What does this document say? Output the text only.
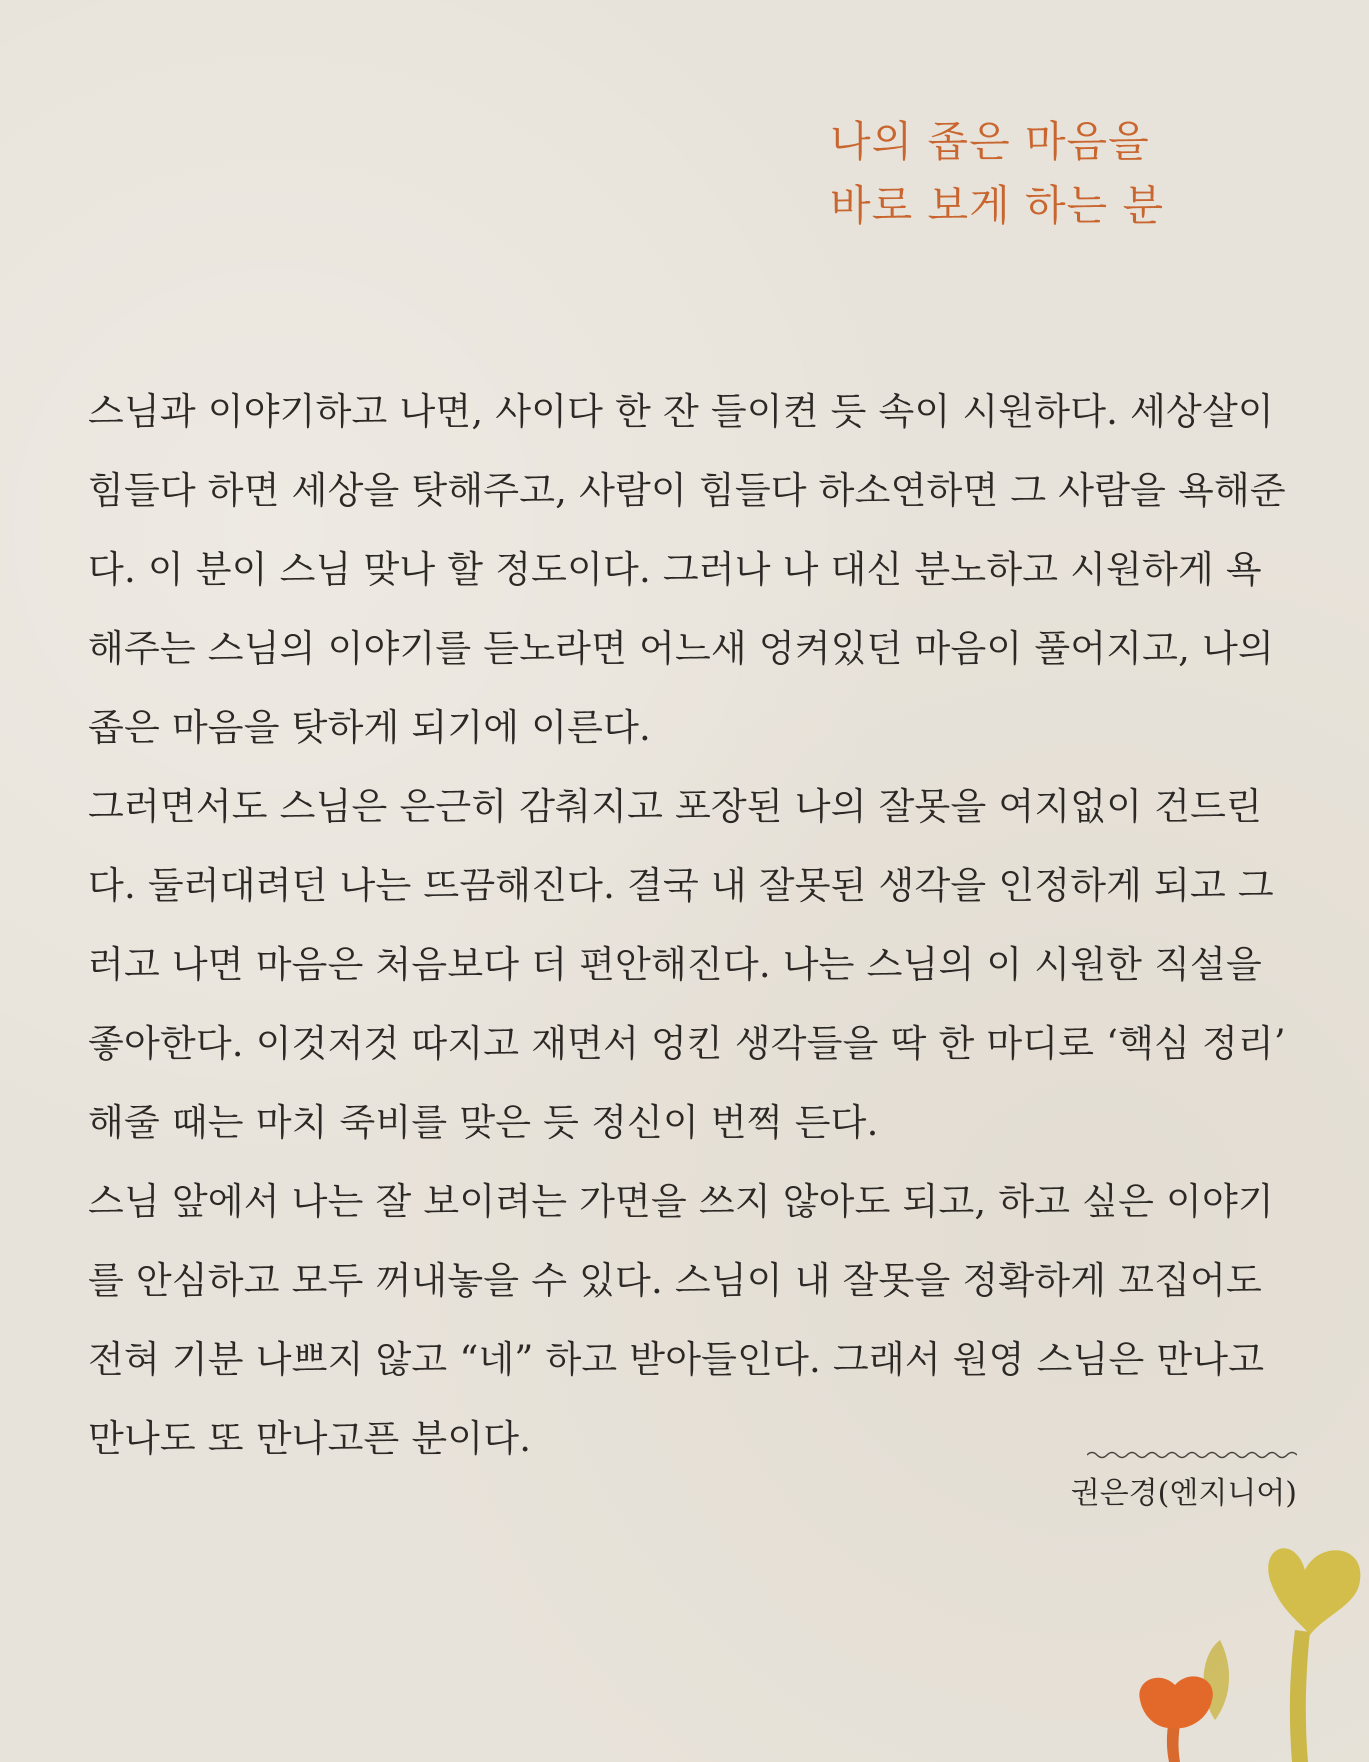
나의 좁은 마음을
바로 보게 하는 분
스님과 이야기하고 나면, 사이다 한 잔 들이켠 듯 속이 시원하다. 세상살이
힘들다 하면 세상을 탓해주고, 사람이 힘들다 하소연하면 그 사람을 욕해준
다. 이 분이 스님 맞나 할 정도이다. 그러나 나 대신 분노하고 시원하게 욕
해주는 스님의 이야기를 듣노라면 어느새 엉켜있던 마음이 풀어지고, 나의
좁은 마음을 탓하게 되기에 이른다.
그러면서도 스님은 은근히 감춰지고 포장된 나의 잘못을 여지없이 건드린
다. 둘러대려던 나는 뜨끔해진다. 결국 내 잘못된 생각을 인정하게 되고 그
러고 나면 마음은 처음보다 더 편안해진다. 나는 스님의 이 시원한 직설을
좋아한다. 이것저것 따지고 재면서 엉킨 생각들을 딱 한 마디로 ‘핵심 정리’
해줄 때는 마치 죽비를 맞은 듯 정신이 번쩍 든다.
스님 앞에서 나는 잘 보이려는 가면을 쓰지 않아도 되고, 하고 싶은 이야기
를 안심하고 모두 꺼내놓을 수 있다. 스님이 내 잘못을 정확하게 꼬집어도
전혀 기분 나쁘지 않고 “네” 하고 받아들인다. 그래서 원영 스님은 만나고
만나도 또 만나고픈 분이다.
권은경(엔지니어)
